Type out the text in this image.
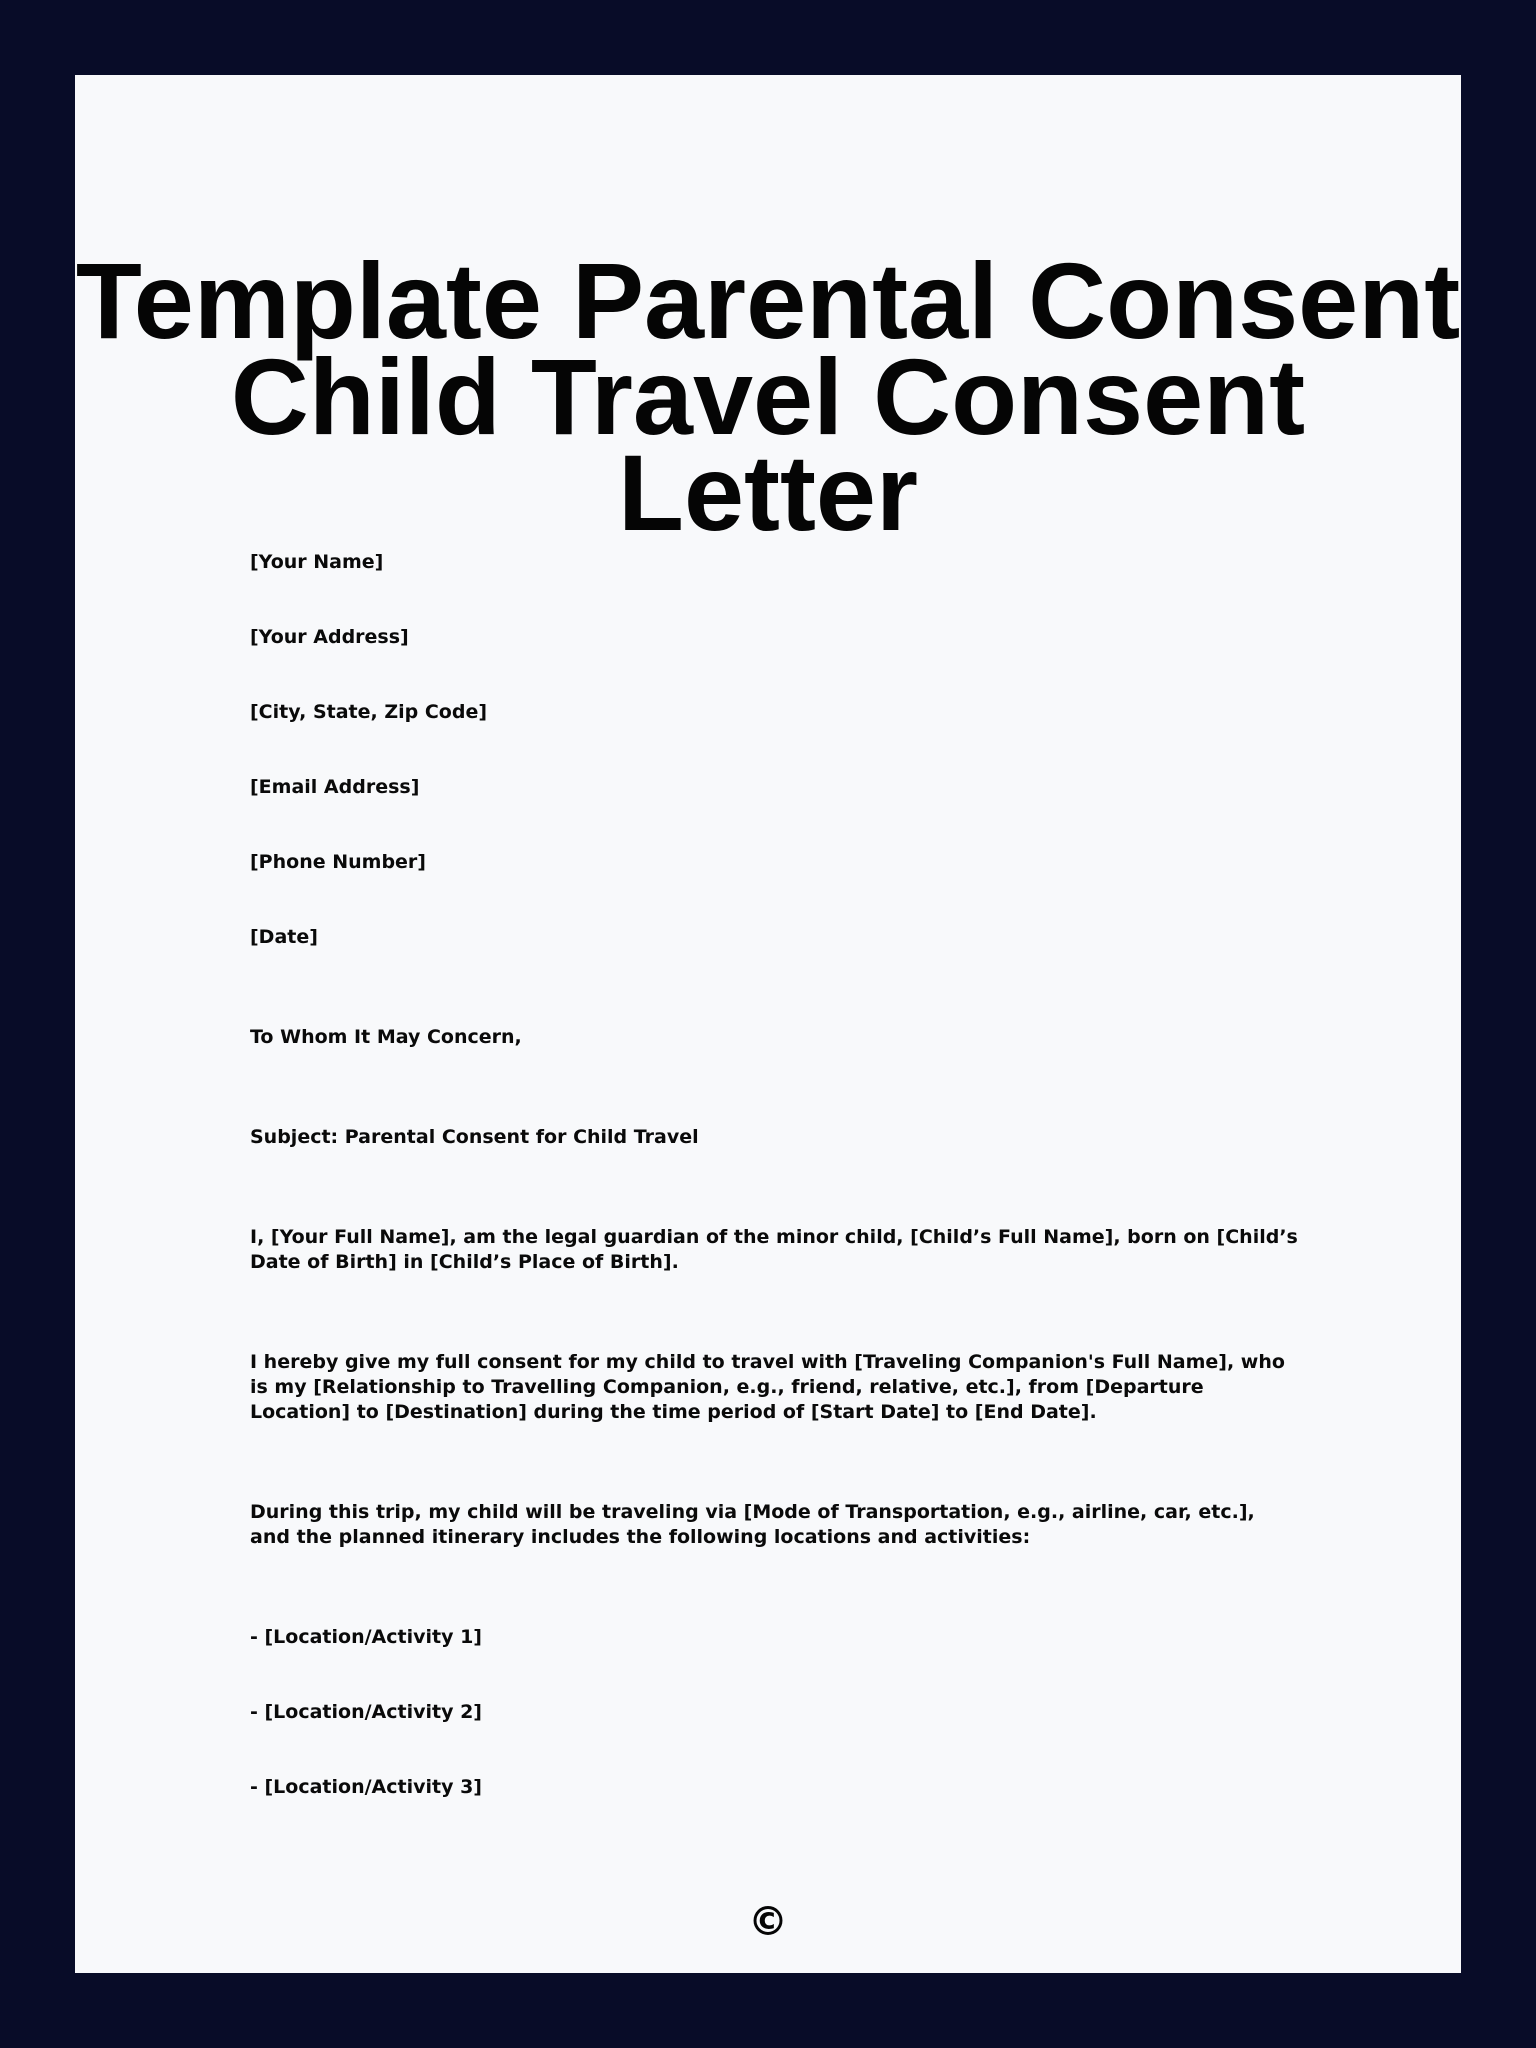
Template Parental Consent
Child Travel Consent Letter

[Your Name]

[Your Address]

[City, State, Zip Code]

[Email Address]

[Phone Number]

[Date]

To Whom It May Concern,

Subject: Parental Consent for Child Travel

I, [Your Full Name], am the legal guardian of the minor child, [Child’s Full Name], born on [Child’s Date of Birth] in [Child’s Place of Birth].

I hereby give my full consent for my child to travel with [Traveling Companion's Full Name], who is my [Relationship to Travelling Companion, e.g., friend, relative, etc.], from [Departure Location] to [Destination] during the time period of [Start Date] to [End Date].

During this trip, my child will be traveling via [Mode of Transportation, e.g., airline, car, etc.], and the planned itinerary includes the following locations and activities:

- [Location/Activity 1]

- [Location/Activity 2]

- [Location/Activity 3]

©
